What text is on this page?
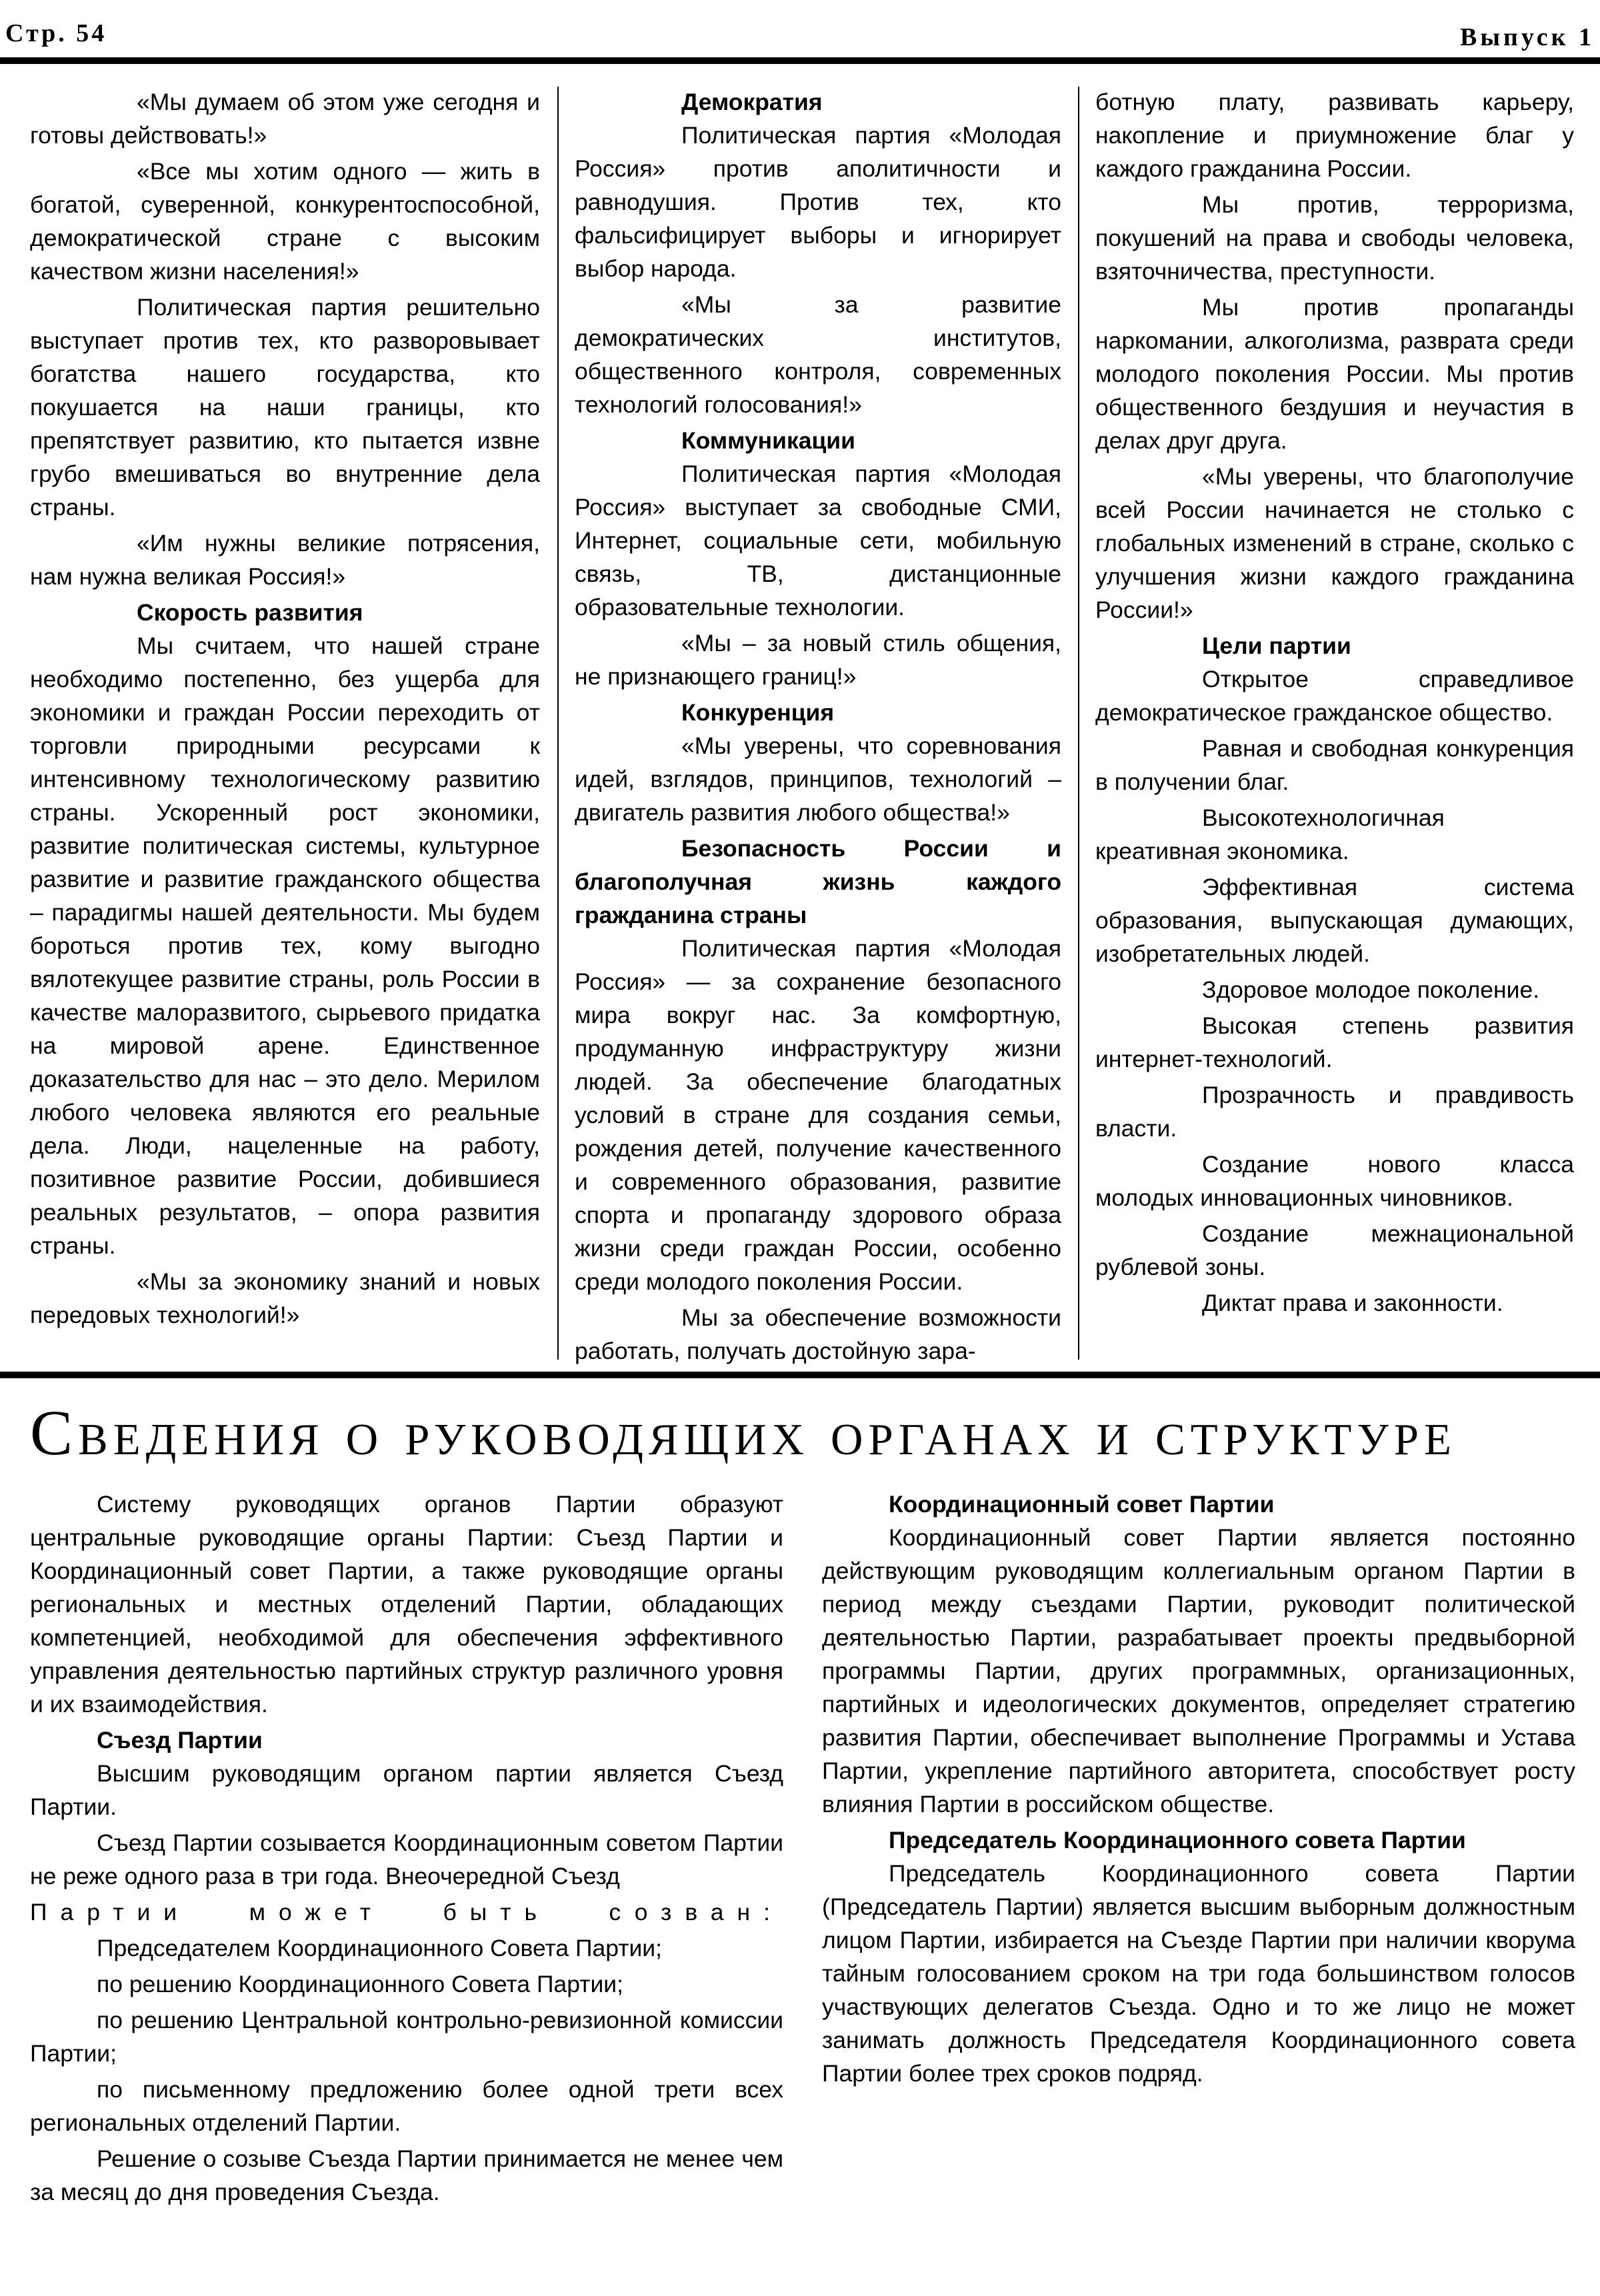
Стр. 54	Выпуск 1

«Мы думаем об этом уже сегодня и готовы действовать!»

«Все мы хотим одного — жить в богатой, суверенной, конкурентоспособной, демократической стране с высоким качеством жизни населения!»

Политическая партия решительно выступает против тех, кто разворовывает богатства нашего государства, кто покушается на наши границы, кто препятствует развитию, кто пытается извне грубо вмешиваться во внутренние дела страны.

«Им нужны великие потрясения, нам нужна великая Россия!»

Скорость развития

Мы считаем, что нашей стране необходимо постепенно, без ущерба для экономики и граждан России переходить от торговли природными ресурсами к интенсивному технологическому развитию страны. Ускоренный рост экономики, развитие политическая системы, культурное развитие и развитие гражданского общества – парадигмы нашей деятельности. Мы будем бороться против тех, кому выгодно вялотекущее развитие страны, роль России в качестве малоразвитого, сырьевого придатка на мировой арене. Единственное доказательство для нас – это дело. Мерилом любого человека являются его реальные дела. Люди, нацеленные на работу, позитивное развитие России, добившиеся реальных результатов, – опора развития страны.

«Мы за экономику знаний и новых передовых технологий!»

Демократия

Политическая партия «Молодая Россия» против аполитичности и равнодушия. Против тех, кто фальсифицирует выборы и игнорирует выбор народа.

«Мы за развитие демократических институтов, общественного контроля, современных технологий голосования!»

Коммуникации

Политическая партия «Молодая Россия» выступает за свободные СМИ, Интернет, социальные сети, мобильную связь, ТВ, дистанционные образовательные технологии.

«Мы – за новый стиль общения, не признающего границ!»

Конкуренция

«Мы уверены, что соревнования идей, взглядов, принципов, технологий – двигатель развития любого общества!»

Безопасность России и благополучная жизнь каждого гражданина страны

Политическая партия «Молодая Россия» — за сохранение безопасного мира вокруг нас. За комфортную, продуманную инфраструктуру жизни людей. За обеспечение благодатных условий в стране для создания семьи, рождения детей, получение качественного и современного образования, развитие спорта и пропаганду здорового образа жизни среди граждан России, особенно среди молодого поколения России.

Мы за обеспечение возможности работать, получать достойную зара-

ботную плату, развивать карьеру, накопление и приумножение благ у каждого гражданина России.

Мы против, терроризма, покушений на права и свободы человека, взяточничества, преступности.

Мы против пропаганды наркомании, алкоголизма, разврата среди молодого поколения России. Мы против общественного бездушия и неучастия в делах друг друга.

«Мы уверены, что благополучие всей России начинается не столько с глобальных изменений в стране, сколько с улучшения жизни каждого гражданина России!»

Цели партии

Открытое справедливое демократическое гражданское общество.

Равная и свободная конкуренция в получении благ.

Высокотехнологичная креативная экономика.

Эффективная система образования, выпускающая думающих, изобретательных людей.

Здоровое молодое поколение.

Высокая степень развития интернет-технологий.

Прозрачность и правдивость власти.

Создание нового класса молодых инновационных чиновников.

Создание межнациональной рублевой зоны.

Диктат права и законности.

Сведения о руководящих органах и структуре

Систему руководящих органов Партии образуют центральные руководящие органы Партии: Съезд Партии и Координационный совет Партии, а также руководящие органы региональных и местных отделений Партии, обладающих компетенцией, необходимой для обеспечения эффективного управления деятельностью партийных структур различного уровня и их взаимодействия.

Съезд Партии

Высшим руководящим органом партии является Съезд Партии.

Съезд Партии созывается Координационным советом Партии не реже одного раза в три года. Внеочередной Съезд

Партии может быть созван:

Председателем Координационного Совета Партии;

по решению Координационного Совета Партии;

по решению Центральной контрольно-ревизионной комиссии Партии;

по письменному предложению более одной трети всех региональных отделений Партии.

Решение о созыве Съезда Партии принимается не менее чем за месяц до дня проведения Съезда.

Координационный совет Партии

Координационный совет Партии является постоянно действующим руководящим коллегиальным органом Партии в период между съездами Партии, руководит политической деятельностью Партии, разрабатывает проекты предвыборной программы Партии, других программных, организационных, партийных и идеологических документов, определяет стратегию развития Партии, обеспечивает выполнение Программы и Устава Партии, укрепление партийного авторитета, способствует росту влияния Партии в российском обществе.

Председатель Координационного совета Партии

Председатель Координационного совета Партии (Председатель Партии) является высшим выборным должностным лицом Партии, избирается на Съезде Партии при наличии кворума тайным голосованием сроком на три года большинством голосов участвующих делегатов Съезда. Одно и то же лицо не может занимать должность Председателя Координационного совета Партии более трех сроков подряд.
